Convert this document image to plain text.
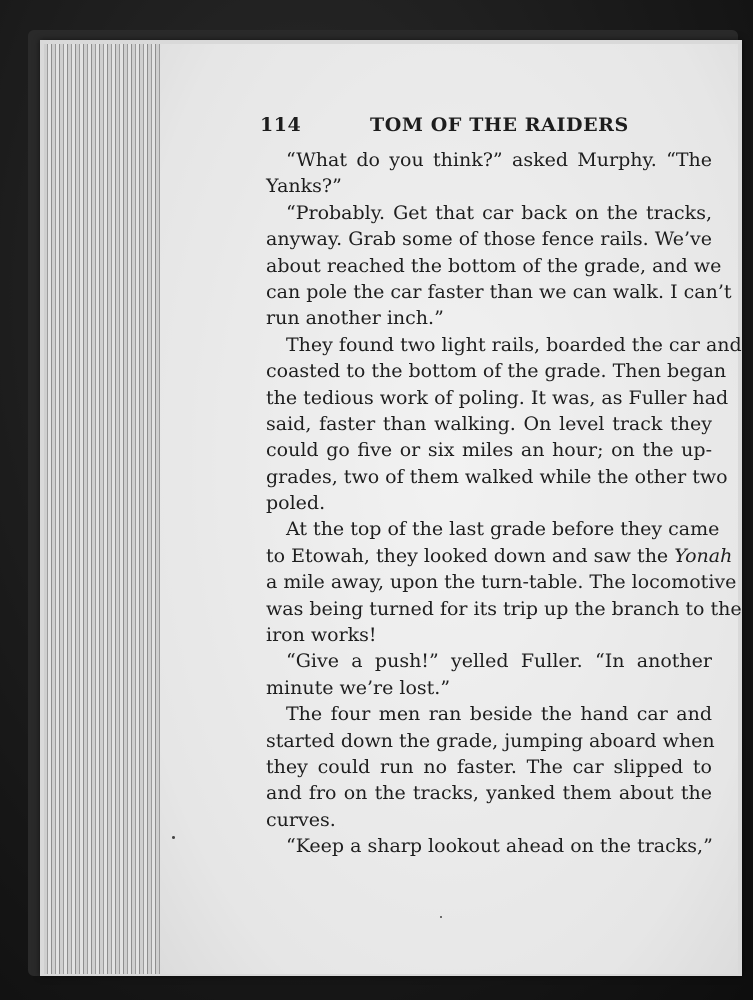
114	TOM OF THE RAIDERS
“What do you think?” asked Murphy. “The
Yanks?”
“Probably. Get that car back on the tracks,
anyway. Grab some of those fence rails. We’ve
about reached the bottom of the grade, and we
can pole the car faster than we can walk. I can’t
run another inch.”
They found two light rails, boarded the car and
coasted to the bottom of the grade. Then began
the tedious work of poling. It was, as Fuller had
said, faster than walking. On level track they
could go five or six miles an hour; on the up-
grades, two of them walked while the other two
poled.
At the top of the last grade before they came
to Etowah, they looked down and saw the Yonah
a mile away, upon the turn-table. The locomotive
was being turned for its trip up the branch to the
iron works!
“Give a push!” yelled Fuller. “In another
minute we’re lost.”
The four men ran beside the hand car and
started down the grade, jumping aboard when
they could run no faster. The car slipped to
and fro on the tracks, yanked them about the
curves.
“Keep a sharp lookout ahead on the tracks,”
